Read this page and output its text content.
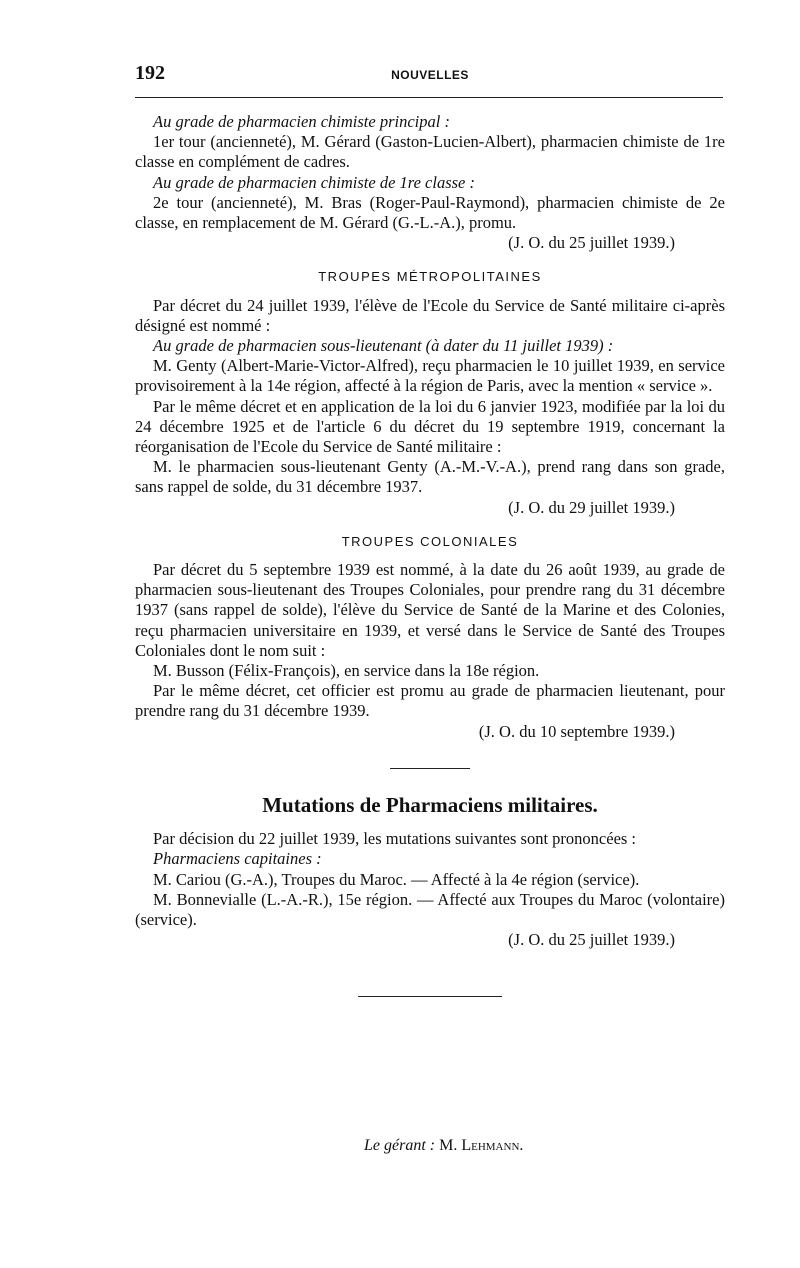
192	NOUVELLES

Au grade de pharmacien chimiste principal :

1er tour (ancienneté), M. Gérard (Gaston-Lucien-Albert), pharmacien chimiste de 1re classe en complément de cadres.

Au grade de pharmacien chimiste de 1re classe :

2e tour (ancienneté), M. Bras (Roger-Paul-Raymond), pharmacien chimiste de 2e classe, en remplacement de M. Gérard (G.-L.-A.), promu.

(J. O. du 25 juillet 1939.)

TROUPES MÉTROPOLITAINES

Par décret du 24 juillet 1939, l'élève de l'Ecole du Service de Santé militaire ci-après désigné est nommé :

Au grade de pharmacien sous-lieutenant (à dater du 11 juillet 1939) :

M. Genty (Albert-Marie-Victor-Alfred), reçu pharmacien le 10 juillet 1939, en service provisoirement à la 14e région, affecté à la région de Paris, avec la mention « service ».

Par le même décret et en application de la loi du 6 janvier 1923, modifiée par la loi du 24 décembre 1925 et de l'article 6 du décret du 19 septembre 1919, concernant la réorganisation de l'Ecole du Service de Santé militaire :

M. le pharmacien sous-lieutenant Genty (A.-M.-V.-A.), prend rang dans son grade, sans rappel de solde, du 31 décembre 1937.

(J. O. du 29 juillet 1939.)

TROUPES COLONIALES

Par décret du 5 septembre 1939 est nommé, à la date du 26 août 1939, au grade de pharmacien sous-lieutenant des Troupes Coloniales, pour prendre rang du 31 décembre 1937 (sans rappel de solde), l'élève du Service de Santé de la Marine et des Colonies, reçu pharmacien universitaire en 1939, et versé dans le Service de Santé des Troupes Coloniales dont le nom suit :

M. Busson (Félix-François), en service dans la 18e région.

Par le même décret, cet officier est promu au grade de pharmacien lieutenant, pour prendre rang du 31 décembre 1939.

(J. O. du 10 septembre 1939.)

Mutations de Pharmaciens militaires.

Par décision du 22 juillet 1939, les mutations suivantes sont prononcées :

Pharmaciens capitaines :

M. Cariou (G.-A.), Troupes du Maroc. — Affecté à la 4e région (service).

M. Bonnevialle (L.-A.-R.), 15e région. — Affecté aux Troupes du Maroc (volontaire) (service).

(J. O. du 25 juillet 1939.)

Le gérant : M. Lehmann.
